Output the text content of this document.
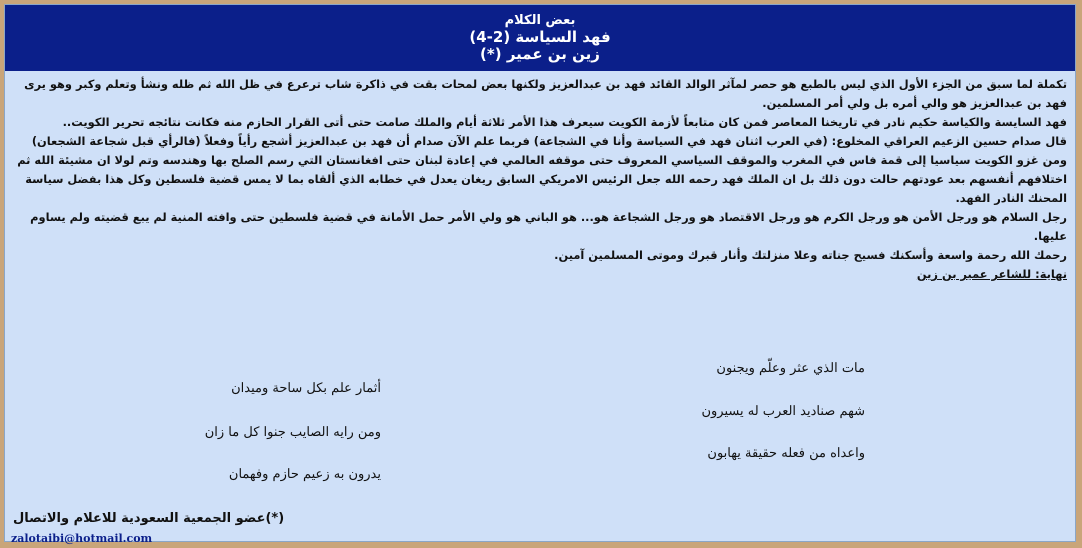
بعض الكلام
فهد السياسة (2-4)
زين بن عمير (*)

تكملة لما سبق من الجزء الأول الذي ليس بالطبع هو حصر لمآثر الوالد القائد فهد بن عبدالعزيز ولكنها بعض لمحات بقت في ذاكرة شاب ترعرع في ظل الله ثم ظله ونشأ وتعلم وكبر وهو يرى فهد بن عبدالعزيز هو والي أمره بل ولي أمر المسلمين.

فهد السايسة والكياسة حكيم نادر في تاريخنا المعاصر فمن كان متابعاً لأزمة الكويت سيعرف هذا الأمر ثلاثة أيام والملك صامت حتى أتى القرار الحازم منه فكانت نتائجه تحرير الكويت..

قال صدام حسين الزعيم العراقي المخلوع: (في العرب اثنان فهد في السياسة وأنا في الشجاعة) فربما علم الآن صدام أن فهد بن عبدالعزيز أشجع رأياً وفعلاً (فالرأي قبل شجاعة الشجعان) ومن غزو الكويت سياسيا إلى قمة فاس في المغرب والموقف السياسي المعروف حتى موقفه العالمي في إعادة لبنان حتى افغانستان التي رسم الصلح بها وهندسه وتم لولا ان مشيئة الله ثم اختلافهم أنفسهم بعد عودتهم حالت دون ذلك بل ان الملك فهد رحمه الله جعل الرئيس الامريكي السابق ريغان يعدل في خطابه الذي ألقاه بما لا يمس قضية فلسطين وكل هذا بفضل سياسة المحنك النادر الفهد.

رجل السلام هو ورجل الأمن هو ورجل الكرم هو ورجل الاقتصاد هو ورجل الشجاعة هو... هو الباني هو ولي الأمر حمل الأمانة في قضية فلسطين حتى وافته المنية لم يبع قضيته ولم يساوم عليها.

رحمك الله رحمة واسعة وأسكنك فسيح جناته وعلا منزلتك وأنار قبرك وموتى المسلمين آمين.

نهاية: للشاعر عمير بن زين

مات الذي عثر وعلّم ويجنون
شهم صناديد العرب له يسيرون
واعداه من فعله حقيقة يهابون
أثمار علم بكل ساحة وميدان
ومن رايه الصايب جنوا كل ما زان
يدرون به زعيم حازم وفهمان
(*)عضو الجمعية السعودية للاعلام والاتصال
zalotaibi@hotmail.com
